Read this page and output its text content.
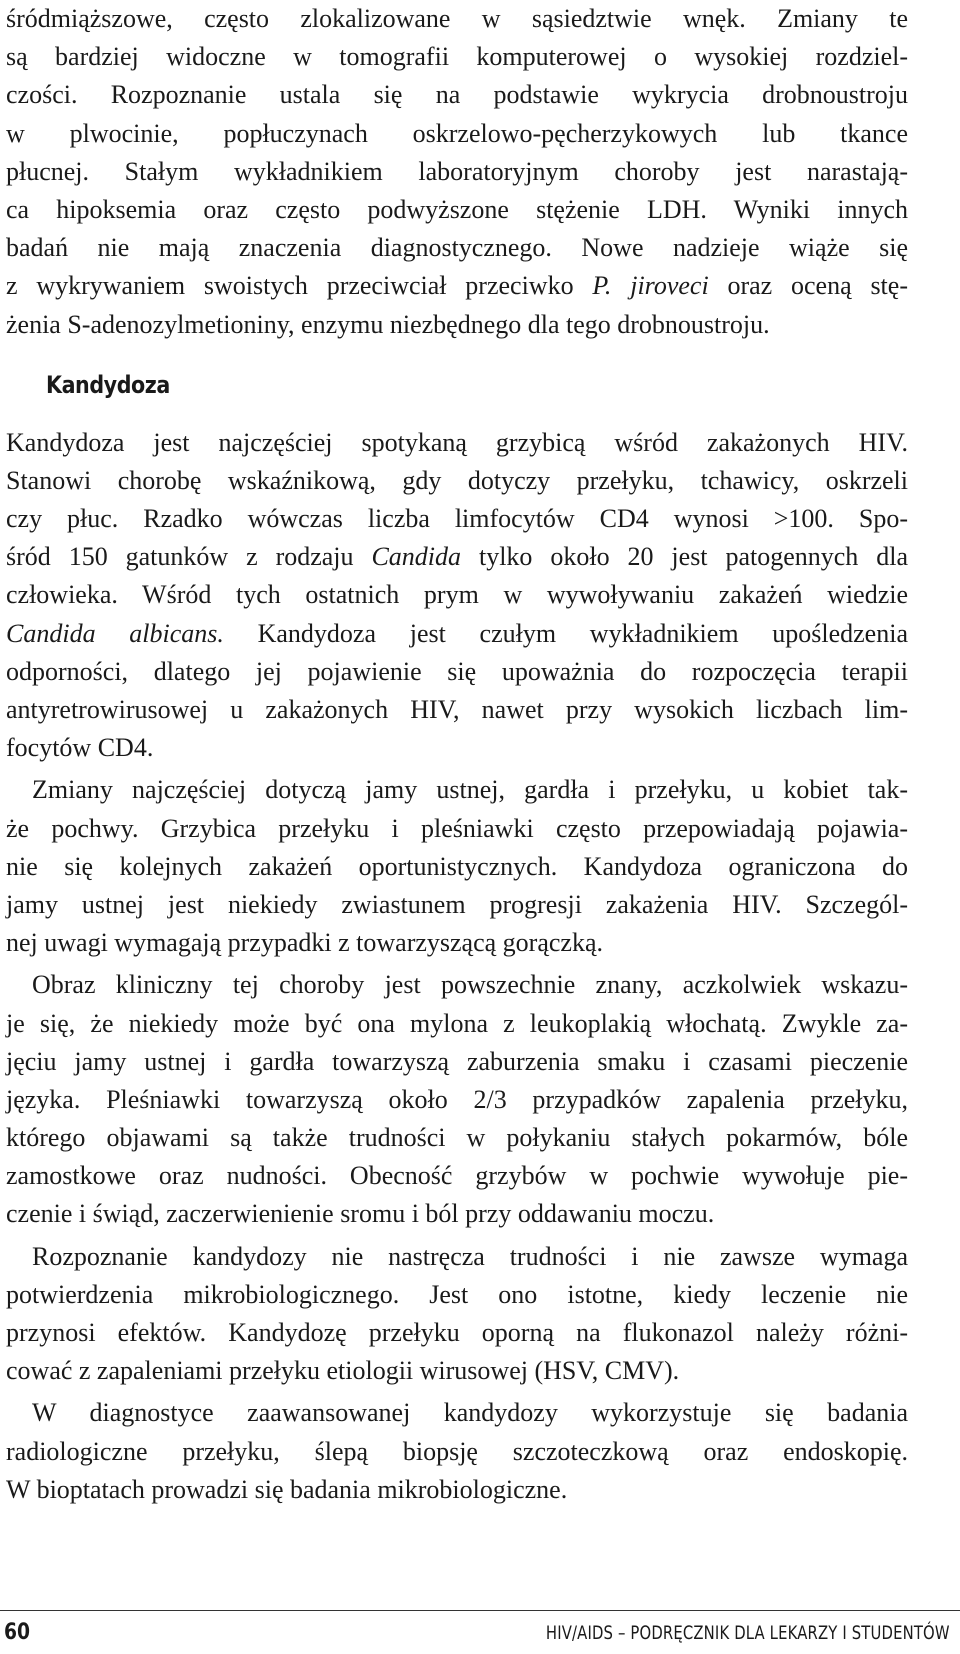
śródmiąższowe, często zlokalizowane w sąsiedztwie wnęk. Zmiany te
są bardziej widoczne w tomografii komputerowej o wysokiej rozdziel-
czości. Rozpoznanie ustala się na podstawie wykrycia drobnoustroju
w plwocinie, popłuczynach oskrzelowo-pęcherzykowych lub tkance
płucnej. Stałym wykładnikiem laboratoryjnym choroby jest narastają-
ca hipoksemia oraz często podwyższone stężenie LDH. Wyniki innych
badań nie mają znaczenia diagnostycznego. Nowe nadzieje wiąże się
z wykrywaniem swoistych przeciwciał przeciwko P. jiroveci oraz oceną stę-
żenia S-adenozylmetioniny, enzymu niezbędnego dla tego drobnoustroju.
Kandydoza
Kandydoza jest najczęściej spotykaną grzybicą wśród zakażonych HIV.
Stanowi chorobę wskaźnikową, gdy dotyczy przełyku, tchawicy, oskrzeli
czy płuc. Rzadko wówczas liczba limfocytów CD4 wynosi >100. Spo-
śród 150 gatunków z rodzaju Candida tylko około 20 jest patogennych dla
człowieka. Wśród tych ostatnich prym w wywoływaniu zakażeń wiedzie
Candida albicans. Kandydoza jest czułym wykładnikiem upośledzenia
odporności, dlatego jej pojawienie się upoważnia do rozpoczęcia terapii
antyretrowirusowej u zakażonych HIV, nawet przy wysokich liczbach lim-
focytów CD4.
Zmiany najczęściej dotyczą jamy ustnej, gardła i przełyku, u kobiet tak-
że pochwy. Grzybica przełyku i pleśniawki często przepowiadają pojawia-
nie się kolejnych zakażeń oportunistycznych. Kandydoza ograniczona do
jamy ustnej jest niekiedy zwiastunem progresji zakażenia HIV. Szczegól-
nej uwagi wymagają przypadki z towarzyszącą gorączką.
Obraz kliniczny tej choroby jest powszechnie znany, aczkolwiek wskazu-
je się, że niekiedy może być ona mylona z leukoplakią włochatą. Zwykle za-
jęciu jamy ustnej i gardła towarzyszą zaburzenia smaku i czasami pieczenie
języka. Pleśniawki towarzyszą około 2/3 przypadków zapalenia przełyku,
którego objawami są także trudności w połykaniu stałych pokarmów, bóle
zamostkowe oraz nudności. Obecność grzybów w pochwie wywołuje pie-
czenie i świąd, zaczerwienienie sromu i ból przy oddawaniu moczu.
Rozpoznanie kandydozy nie nastręcza trudności i nie zawsze wymaga
potwierdzenia mikrobiologicznego. Jest ono istotne, kiedy leczenie nie
przynosi efektów. Kandydozę przełyku oporną na flukonazol należy różni-
cować z zapaleniami przełyku etiologii wirusowej (HSV, CMV).
W diagnostyce zaawansowanej kandydozy wykorzystuje się badania
radiologiczne przełyku, ślepą biopsję szczoteczkową oraz endoskopię.
W bioptatach prowadzi się badania mikrobiologiczne.
60	HIV/AIDS – PODRĘCZNIK DLA LEKARZY I STUDENTÓW
